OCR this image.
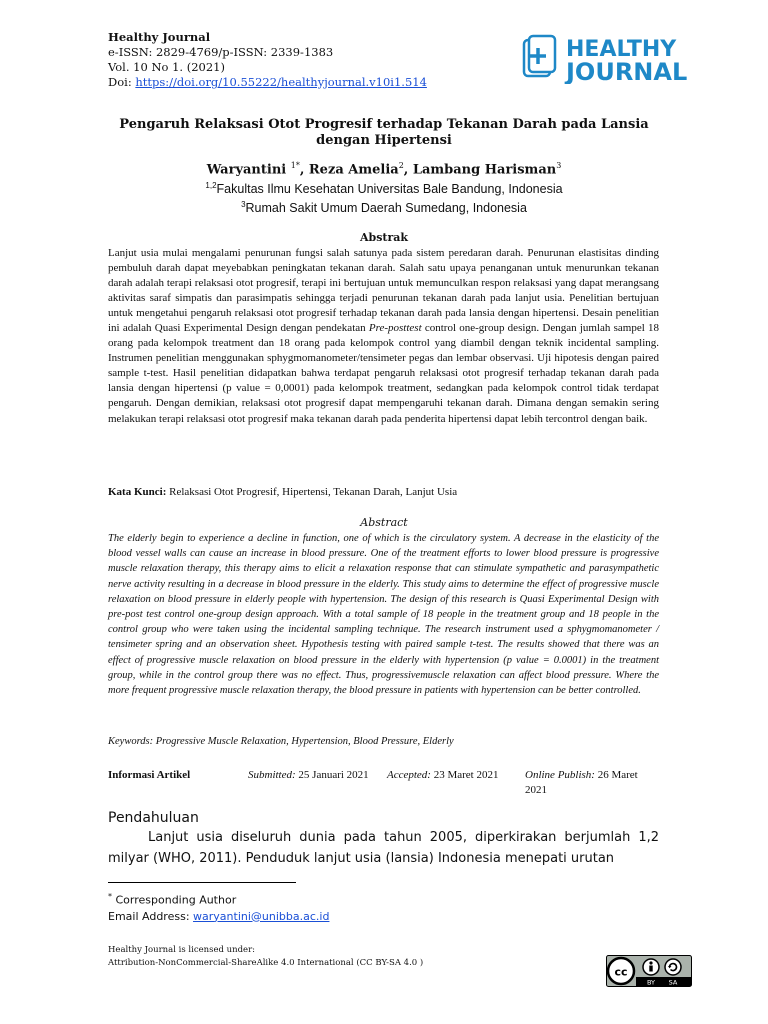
Healthy Journal
e-ISSN: 2829-4769/p-ISSN: 2339-1383
Vol. 10 No 1. (2021)
Doi: https://doi.org/10.55222/healthyjournal.v10i1.514
HEALTHY
JOURNAL
Pengaruh Relaksasi Otot Progresif terhadap Tekanan Darah pada Lansia dengan Hipertensi
Waryantini $^{1*}$, Reza Amelia$^2$, Lambang Harisman$^3$
$^{1,2}$Fakultas Ilmu Kesehatan Universitas Bale Bandung, Indonesia
$^3$Rumah Sakit Umum Daerah Sumedang, Indonesia
Abstrak
Lanjut usia mulai mengalami penurunan fungsi salah satunya pada sistem peredaran darah. Penurunan elastisitas dinding pembuluh darah dapat meyebabkan peningkatan tekanan darah. Salah satu upaya penanganan untuk menurunkan tekanan darah adalah terapi relaksasi otot progresif, terapi ini bertujuan untuk memunculkan respon relaksasi yang dapat merangsang aktivitas saraf simpatis dan parasimpatis sehingga terjadi penurunan tekanan darah pada lanjut usia. Penelitian bertujuan untuk mengetahui pengaruh relaksasi otot progresif terhadap tekanan darah pada lansia dengan hipertensi. Desain penelitian ini adalah Quasi Experimental Design dengan pendekatan Pre-posttest control one-group design. Dengan jumlah sampel 18 orang pada kelompok treatment dan 18 orang pada kelompok control yang diambil dengan teknik incidental sampling. Instrumen penelitian menggunakan sphygmomanometer/tensimeter pegas dan lembar observasi. Uji hipotesis dengan paired sample t-test. Hasil penelitian didapatkan bahwa terdapat pengaruh relaksasi otot progresif terhadap tekanan darah pada lansia dengan hipertensi (p value = 0,0001) pada kelompok treatment, sedangkan pada kelompok control tidak terdapat pengaruh. Dengan demikian, relaksasi otot progresif dapat mempengaruhi tekanan darah. Dimana dengan semakin sering melakukan terapi relaksasi otot progresif maka tekanan darah pada penderita hipertensi dapat lebih tercontrol dengan baik.
Kata Kunci: Relaksasi Otot Progresif, Hipertensi, Tekanan Darah, Lanjut Usia
Abstract
The elderly begin to experience a decline in function, one of which is the circulatory system. A decrease in the elasticity of the blood vessel walls can cause an increase in blood pressure. One of the treatment efforts to lower blood pressure is progressive muscle relaxation therapy, this therapy aims to elicit a relaxation response that can stimulate sympathetic and parasympathetic nerve activity resulting in a decrease in blood pressure in the elderly. This study aims to determine the effect of progressive muscle relaxation on blood pressure in elderly people with hypertension. The design of this research is Quasi Experimental Design with pre-post test control one-group design approach. With a total sample of 18 people in the treatment group and 18 people in the control group who were taken using the incidental sampling technique. The research instrument used a sphygmomanometer / tensimeter spring and an observation sheet. Hypothesis testing with paired sample t-test. The results showed that there was an effect of progressive muscle relaxation on blood pressure in the elderly with hypertension (p value = 0.0001) in the treatment group, while in the control group there was no effect. Thus, progressivemuscle relaxation can affect blood pressure. Where the more frequent progressive muscle relaxation therapy, the blood pressure in patients with hypertension can be better controlled.
Keywords: Progressive Muscle Relaxation, Hypertension, Blood Pressure, Elderly
Informasi Artikel	Submitted: 25 Januari 2021	Accepted: 23 Maret 2021	Online Publish: 26 Maret 2021
Pendahuluan
Lanjut usia diseluruh dunia pada tahun 2005, diperkirakan berjumlah 1,2 milyar (WHO, 2011). Penduduk lanjut usia (lansia) Indonesia menepati urutan
* Corresponding Author
Email Address: waryantini@unibba.ac.id
Healthy Journal is licensed under:
Attribution-NonCommercial-ShareAlike 4.0 International (CC BY-SA 4.0 )
cc
BY SA
